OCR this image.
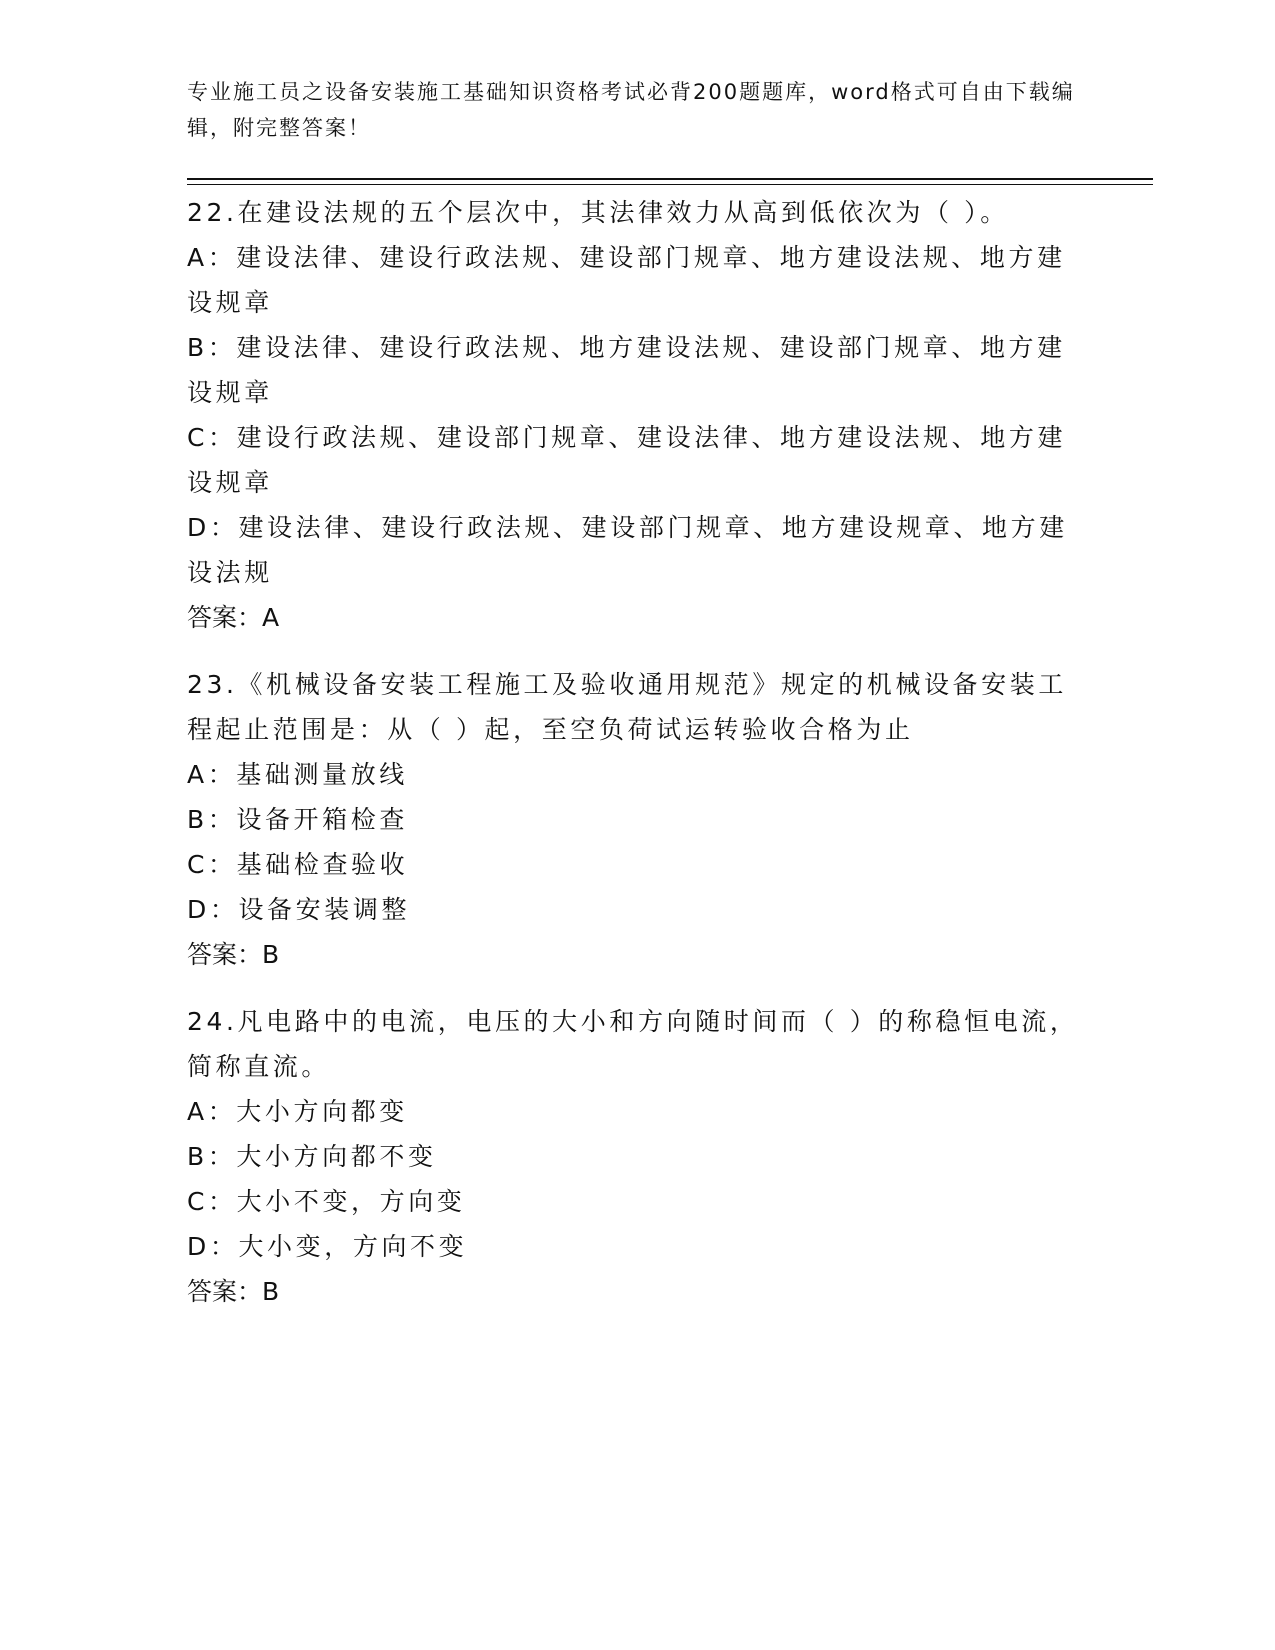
专业施工员之设备安装施工基础知识资格考试必背200题题库，word格式可自由下载编辑，附完整答案！

22.在建设法规的五个层次中，其法律效力从高到低依次为（ ）。

A：建设法律、建设行政法规、建设部门规章、地方建设法规、地方建设规章

B：建设法律、建设行政法规、地方建设法规、建设部门规章、地方建设规章

C：建设行政法规、建设部门规章、建设法律、地方建设法规、地方建设规章

D：建设法律、建设行政法规、建设部门规章、地方建设规章、地方建设法规

答案：A

23.《机械设备安装工程施工及验收通用规范》规定的机械设备安装工程起止范围是：从（ ）起，至空负荷试运转验收合格为止

A：基础测量放线

B：设备开箱检查

C：基础检查验收

D：设备安装调整

答案：B

24.凡电路中的电流，电压的大小和方向随时间而（ ）的称稳恒电流，简称直流。

A：大小方向都变

B：大小方向都不变

C：大小不变，方向变

D：大小变，方向不变

答案：B
